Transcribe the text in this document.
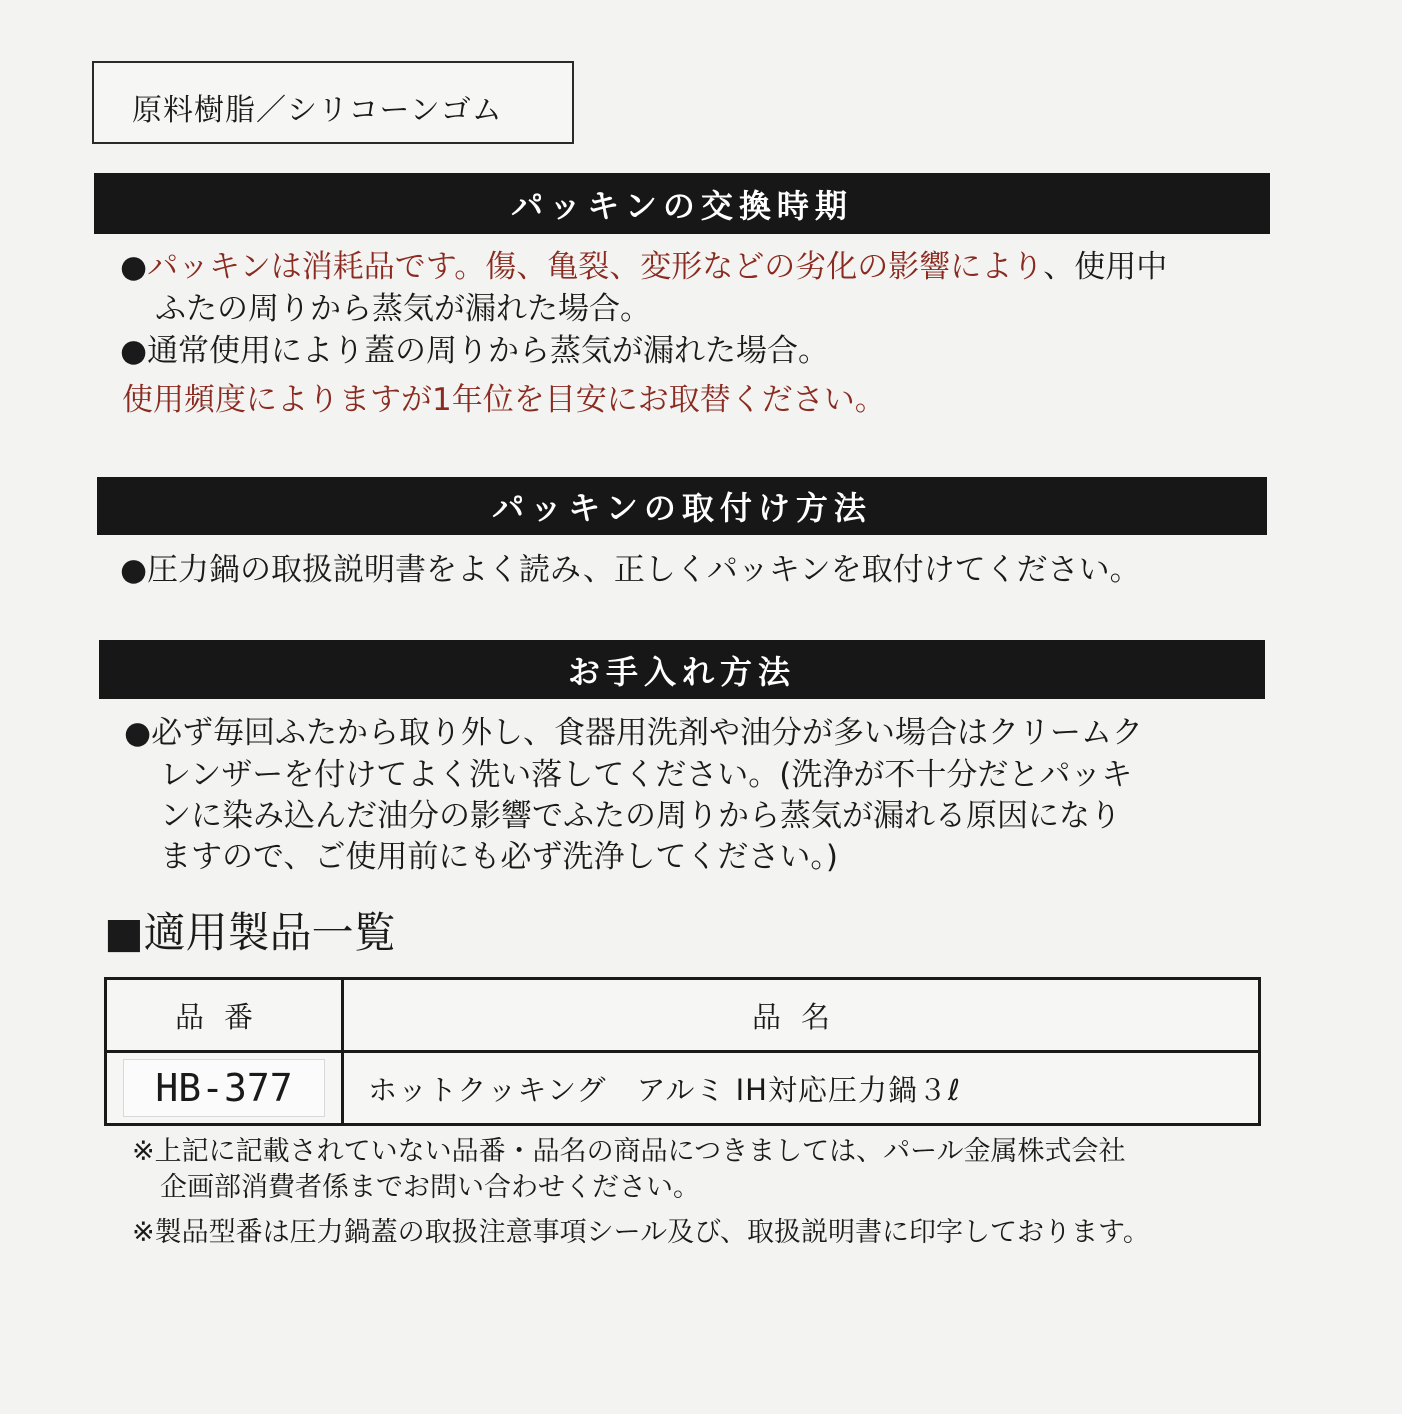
原料樹脂／シリコーンゴム
パッキンの交換時期
●パッキンは消耗品です。傷、亀裂、変形などの劣化の影響により、使用中
ふたの周りから蒸気が漏れた場合。
●通常使用により蓋の周りから蒸気が漏れた場合。
使用頻度によりますが1年位を目安にお取替ください。
パッキンの取付け方法
●圧力鍋の取扱説明書をよく読み、正しくパッキンを取付けてください。
お手入れ方法
●必ず毎回ふたから取り外し、食器用洗剤や油分が多い場合はクリームク
レンザーを付けてよく洗い落してください。(洗浄が不十分だとパッキ
ンに染み込んだ油分の影響でふたの周りから蒸気が漏れる原因になり
ますので、ご使用前にも必ず洗浄してください。)
■適用製品一覧
品番	品名

HB-377	ホットクッキング　アルミ IH対応圧力鍋３ℓ
※上記に記載されていない品番・品名の商品につきましては、パール金属株式会社
企画部消費者係までお問い合わせください。
※製品型番は圧力鍋蓋の取扱注意事項シール及び、取扱説明書に印字しております。
